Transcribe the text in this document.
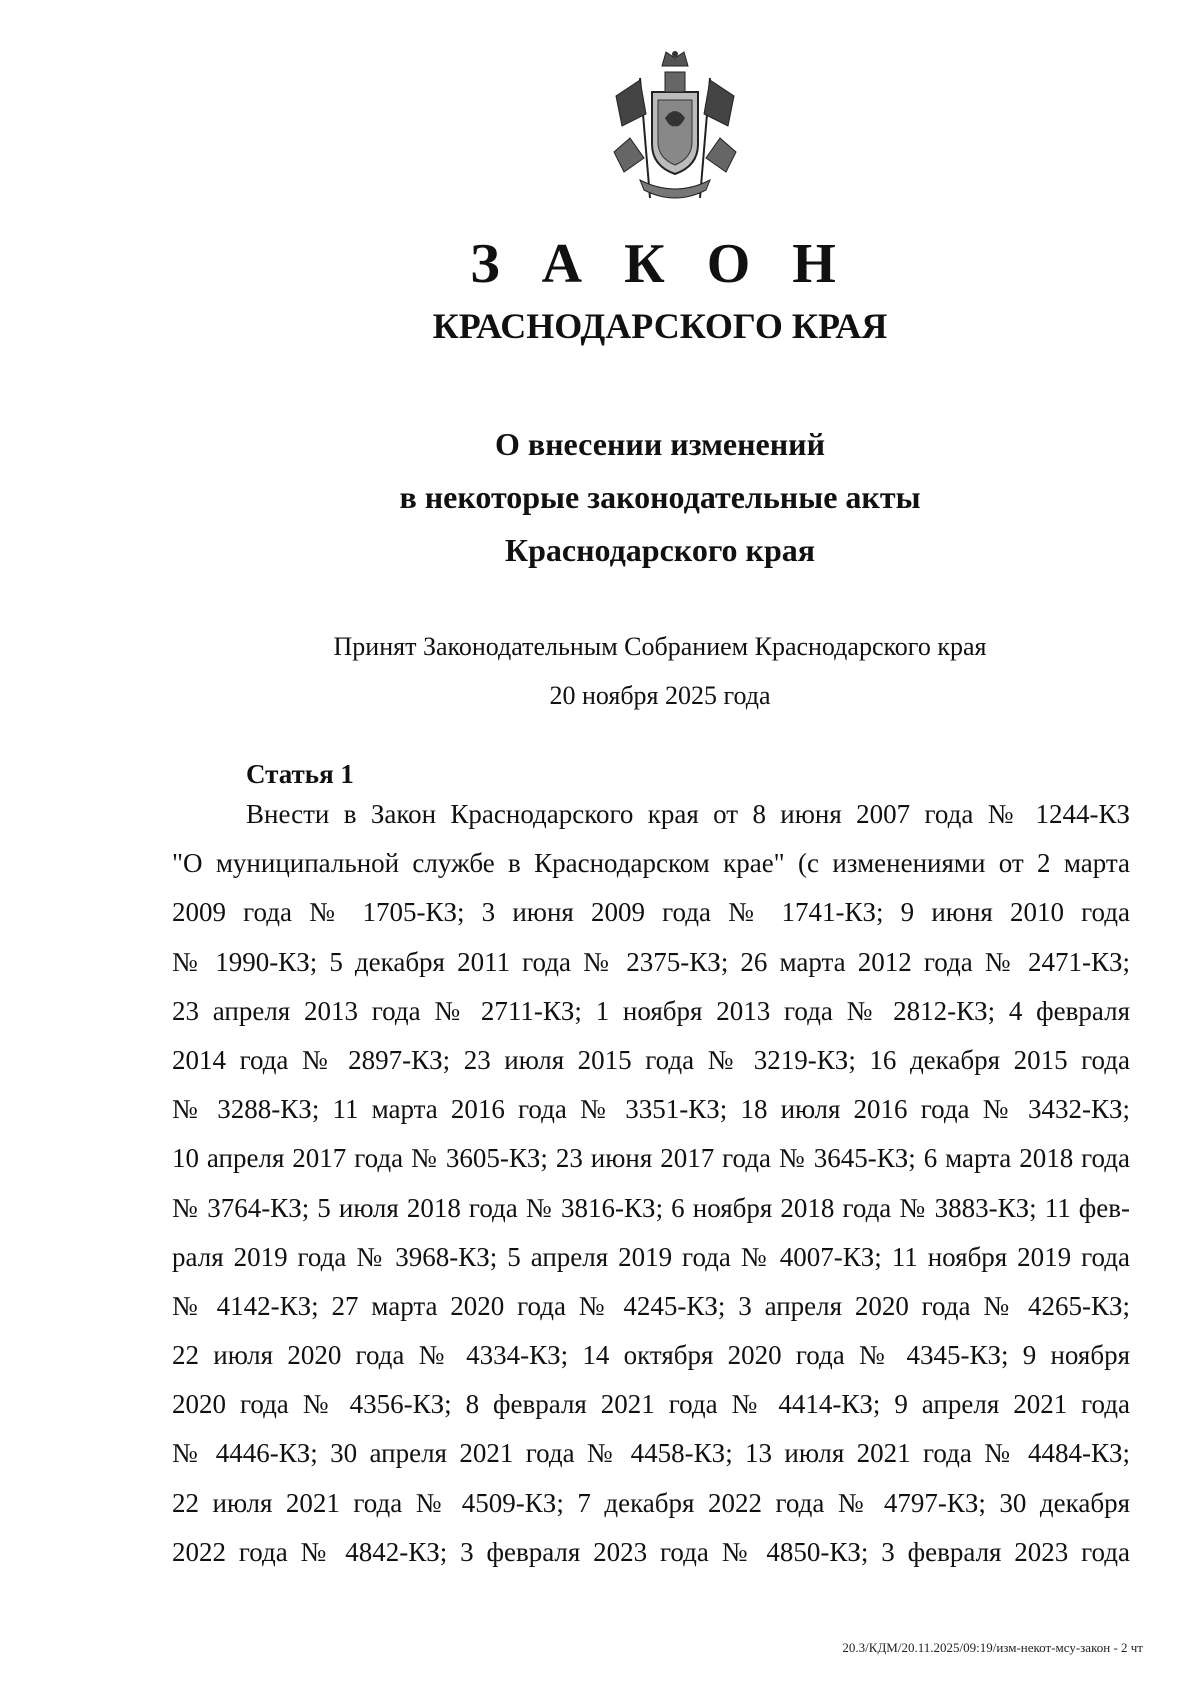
З А К О Н
КРАСНОДАРСКОГО КРАЯ
О внесении изменений
в некоторые законодательные акты
Краснодарского края
Принят Законодательным Собранием Краснодарского края
20 ноября 2025 года
Статья 1
Внести в Закон Краснодарского края от 8 июня 2007 года № 1244-КЗ
"О муниципальной службе в Краснодарском крае" (с изменениями от 2 марта
2009 года № 1705-КЗ; 3 июня 2009 года № 1741-КЗ; 9 июня 2010 года
№ 1990-КЗ; 5 декабря 2011 года № 2375-КЗ; 26 марта 2012 года № 2471-КЗ;
23 апреля 2013 года № 2711-КЗ; 1 ноября 2013 года № 2812-КЗ; 4 февраля
2014 года № 2897-КЗ; 23 июля 2015 года № 3219-КЗ; 16 декабря 2015 года
№ 3288-КЗ; 11 марта 2016 года № 3351-КЗ; 18 июля 2016 года № 3432-КЗ;
10 апреля 2017 года № 3605-КЗ; 23 июня 2017 года № 3645-КЗ; 6 марта 2018 года
№ 3764-КЗ; 5 июля 2018 года № 3816-КЗ; 6 ноября 2018 года № 3883-КЗ; 11 фев-
раля 2019 года № 3968-КЗ; 5 апреля 2019 года № 4007-КЗ; 11 ноября 2019 года
№ 4142-КЗ; 27 марта 2020 года № 4245-КЗ; 3 апреля 2020 года № 4265-КЗ;
22 июля 2020 года № 4334-КЗ; 14 октября 2020 года № 4345-КЗ; 9 ноября
2020 года № 4356-КЗ; 8 февраля 2021 года № 4414-КЗ; 9 апреля 2021 года
№ 4446-КЗ; 30 апреля 2021 года № 4458-КЗ; 13 июля 2021 года № 4484-КЗ;
22 июля 2021 года № 4509-КЗ; 7 декабря 2022 года № 4797-КЗ; 30 декабря
2022 года № 4842-КЗ; 3 февраля 2023 года № 4850-КЗ; 3 февраля 2023 года
20.3/КДМ/20.11.2025/09:19/изм-некот-мсу-закон - 2 чт
